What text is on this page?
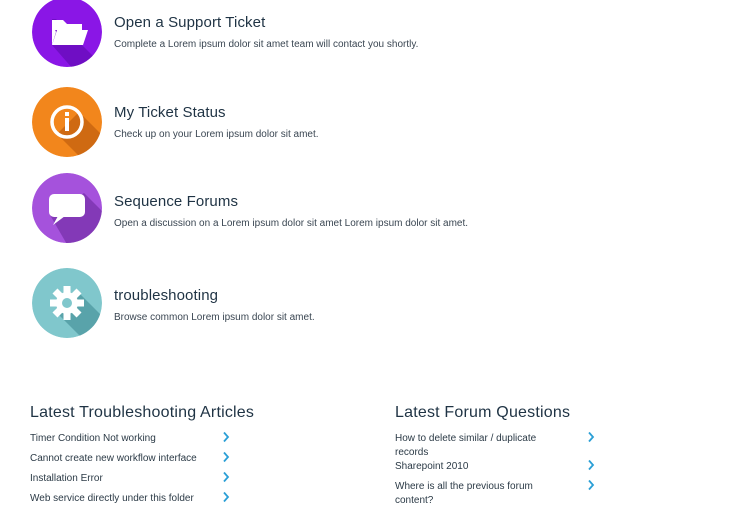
Open a Support Ticket
Complete a Lorem ipsum dolor sit amet team will contact you shortly.
My Ticket Status
Check up on your Lorem ipsum dolor sit amet.
Sequence Forums
Open a discussion on a Lorem ipsum dolor sit amet Lorem ipsum dolor sit amet.
troubleshooting
Browse common Lorem ipsum dolor sit amet.
Latest Troubleshooting Articles
Timer Condition Not working
Cannot create new workflow interface
Installation Error
Web service directly under this folder
Latest Forum Questions
How to delete similar / duplicate records
Sharepoint 2010
Where is all the previous forum content?
